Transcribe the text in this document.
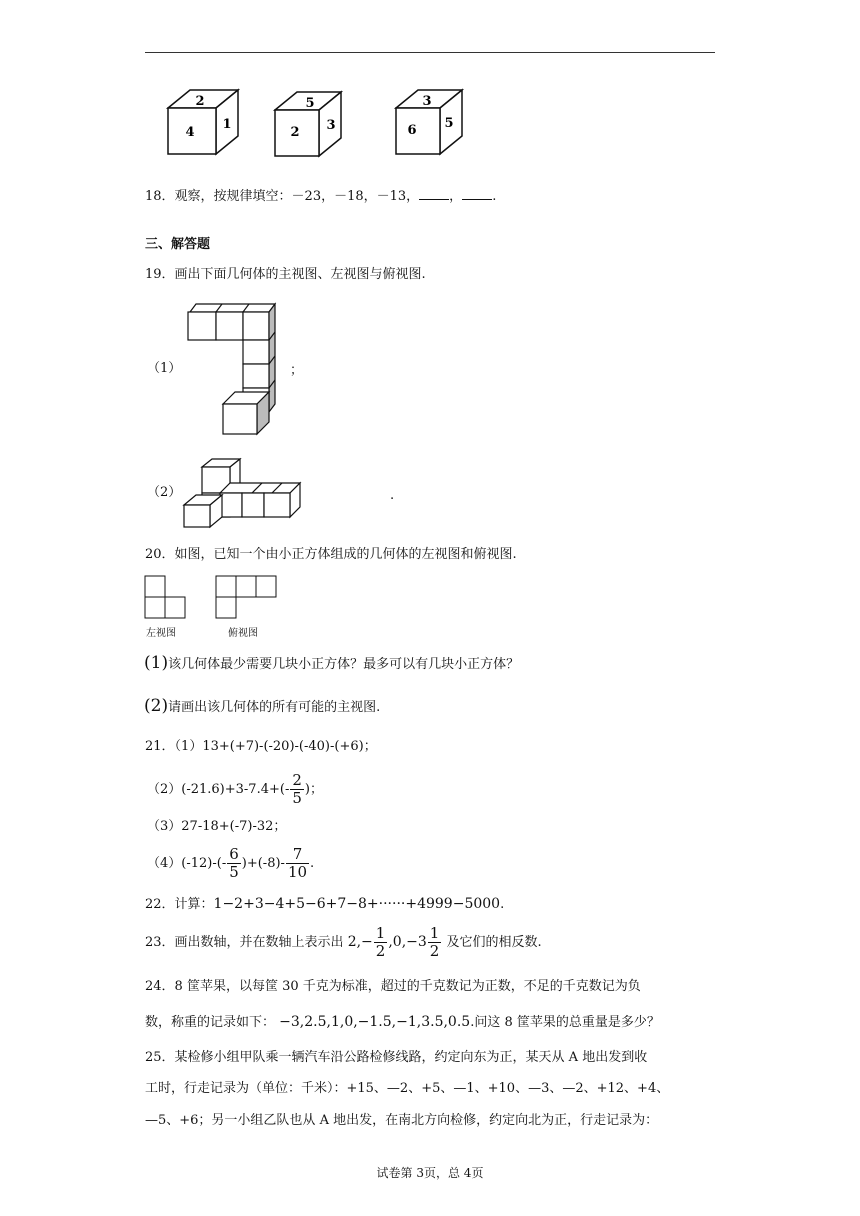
2
4
1
5
2 3
3
6 5
18．观察，按规律填空：－23，－18，－13， ， .
三、解答题
19．画出下面几何体的主视图、左视图与俯视图.
（1）	；
（2）	.
20．如图，已知一个由小正方体组成的几何体的左视图和俯视图.
左视图	俯视图
(1)该几何体最少需要几块小正方体？最多可以有几块小正方体？
(2)请画出该几何体的所有可能的主视图.
21．（1）13+(+7)-(-20)-(-40)-(+6)；
$(2)(-21.6)+3-7.4+(- \frac{2}{5}$ )；
（3）27-18+(-7)-32；
$(4)(-12)-(- \frac{6}{5} )+(-8)- \frac{7}{10}$ .
22．计算：1−2+3−4+5−6+7−8+······+4999−5000.
23．画出数轴，并在数轴上表示出 $2,- \frac{1}{2} ,0,-3 \frac{1}{2}$ 及它们的相反数.
24．8 筐苹果，以每筐 30 千克为标准，超过的千克数记为正数，不足的千克数记为负
数，称重的记录如下： −3,2.5,1,0,−1.5,−1,3.5,0.5.问这 8 筐苹果的总重量是多少？
25．某检修小组甲队乘一辆汽车沿公路检修线路，约定向东为正，某天从 A 地出发到收
工时，行走记录为（单位：千米）：+15、—2、+5、—1、+10、—3、—2、+12、+4、
—5、+6；另一小组乙队也从 A 地出发，在南北方向检修，约定向北为正，行走记录为：
试卷第 3页，总 4页
